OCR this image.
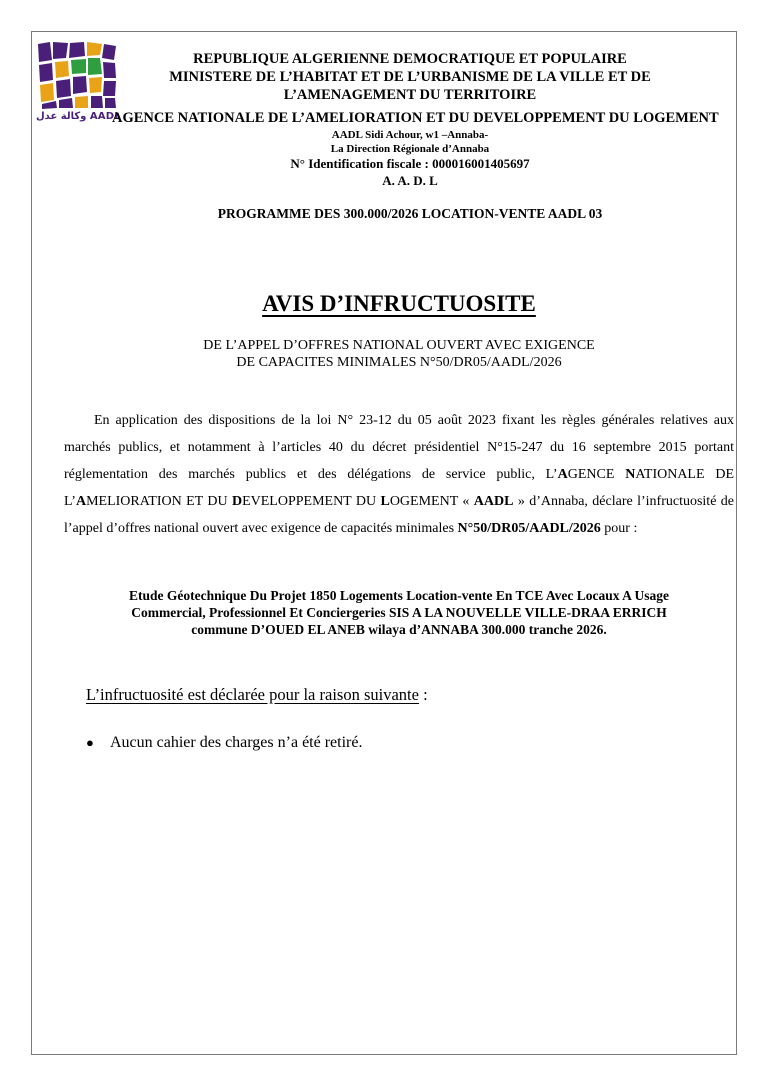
وكالة عدل AADL
REPUBLIQUE ALGERIENNE DEMOCRATIQUE ET POPULAIRE
MINISTERE DE L’HABITAT ET DE L’URBANISME DE LA VILLE ET DE
L’AMENAGEMENT DU TERRITOIRE
AGENCE NATIONALE DE L’AMELIORATION ET DU DEVELOPPEMENT DU LOGEMENT
AADL Sidi Achour, w1 –Annaba-
La Direction Régionale d’Annaba
N° Identification fiscale : 000016001405697
A. A. D. L
PROGRAMME DES 300.000/2026 LOCATION-VENTE AADL 03
AVIS D’INFRUCTUOSITE
DE L’APPEL D’OFFRES NATIONAL OUVERT AVEC EXIGENCE
DE CAPACITES MINIMALES N°50/DR05/AADL/2026
En application des dispositions de la loi N° 23-12 du 05 août 2023 fixant les règles générales relatives aux marchés publics, et notamment à l’articles 40 du décret présidentiel N°15-247 du 16 septembre 2015 portant réglementation des marchés publics et des délégations de service public, L’AGENCE NATIONALE DE L’AMELIORATION ET DU DEVELOPPEMENT DU LOGEMENT « AADL » d’Annaba, déclare l’infructuosité de l’appel d’offres national ouvert avec exigence de capacités minimales N°50/DR05/AADL/2026 pour :
Etude Géotechnique Du Projet 1850 Logements Location-vente En TCE Avec Locaux A Usage
Commercial, Professionnel Et Conciergeries SIS A LA NOUVELLE VILLE-DRAA ERRICH
commune D’OUED EL ANEB wilaya d’ANNABA 300.000 tranche 2026.
L’infructuosité est déclarée pour la raison suivante :
●	Aucun cahier des charges n’a été retiré.
